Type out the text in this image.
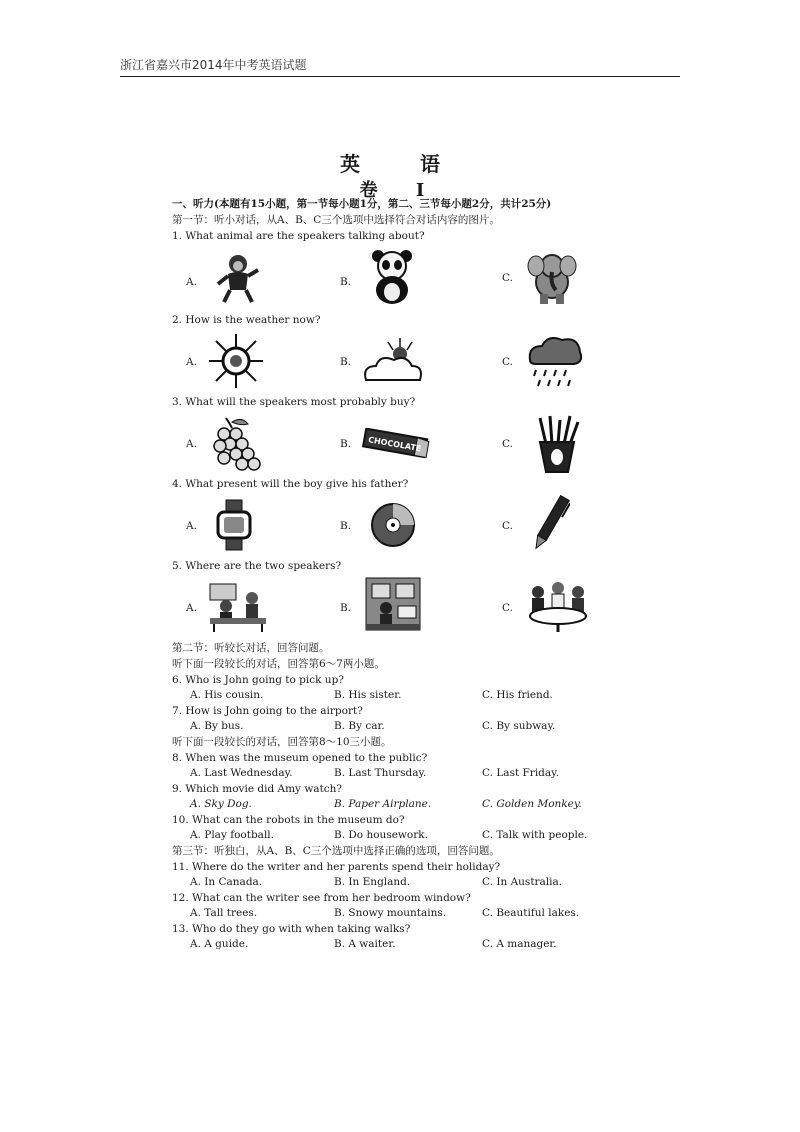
浙江省嘉兴市2014年中考英语试题
英　语
卷 Ⅰ
一、听力(本题有15小题，第一节每小题1分，第二、三节每小题2分，共计25分)
第一节：听小对话，从A、B、C三个选项中选择符合对话内容的图片。
1. What animal are the speakers talking about?
A.	B.	C.
2. How is the weather now?
A.	B.	C.
3. What will the speakers most probably buy?
A.	B. CHOCOLATE	C.
4. What present will the boy give his father?
A.	B.	C.
5. Where are the two speakers?
A.	B.	C.
第二节：听较长对话，回答问题。
听下面一段较长的对话，回答第6～7两小题。
6. Who is John going to pick up?
A. His cousin.	B. His sister.	C. His friend.
7. How is John going to the airport?
A. By bus.	B. By car.	C. By subway.
听下面一段较长的对话，回答第8～10三小题。
8. When was the museum opened to the public?
A. Last Wednesday.	B. Last Thursday.	C. Last Friday.
9. Which movie did Amy watch?
A. Sky Dog.	B. Paper Airplane.	C. Golden Monkey.
10. What can the robots in the museum do?
A. Play football.	B. Do housework.	C. Talk with people.
第三节：听独白，从A、B、C三个选项中选择正确的选项，回答问题。
11. Where do the writer and her parents spend their holiday?
A. In Canada.	B. In England.	C. In Australia.
12. What can the writer see from her bedroom window?
A. Tall trees.	B. Snowy mountains.	C. Beautiful lakes.
13. Who do they go with when taking walks?
A. A guide.	B. A waiter.	C. A manager.
